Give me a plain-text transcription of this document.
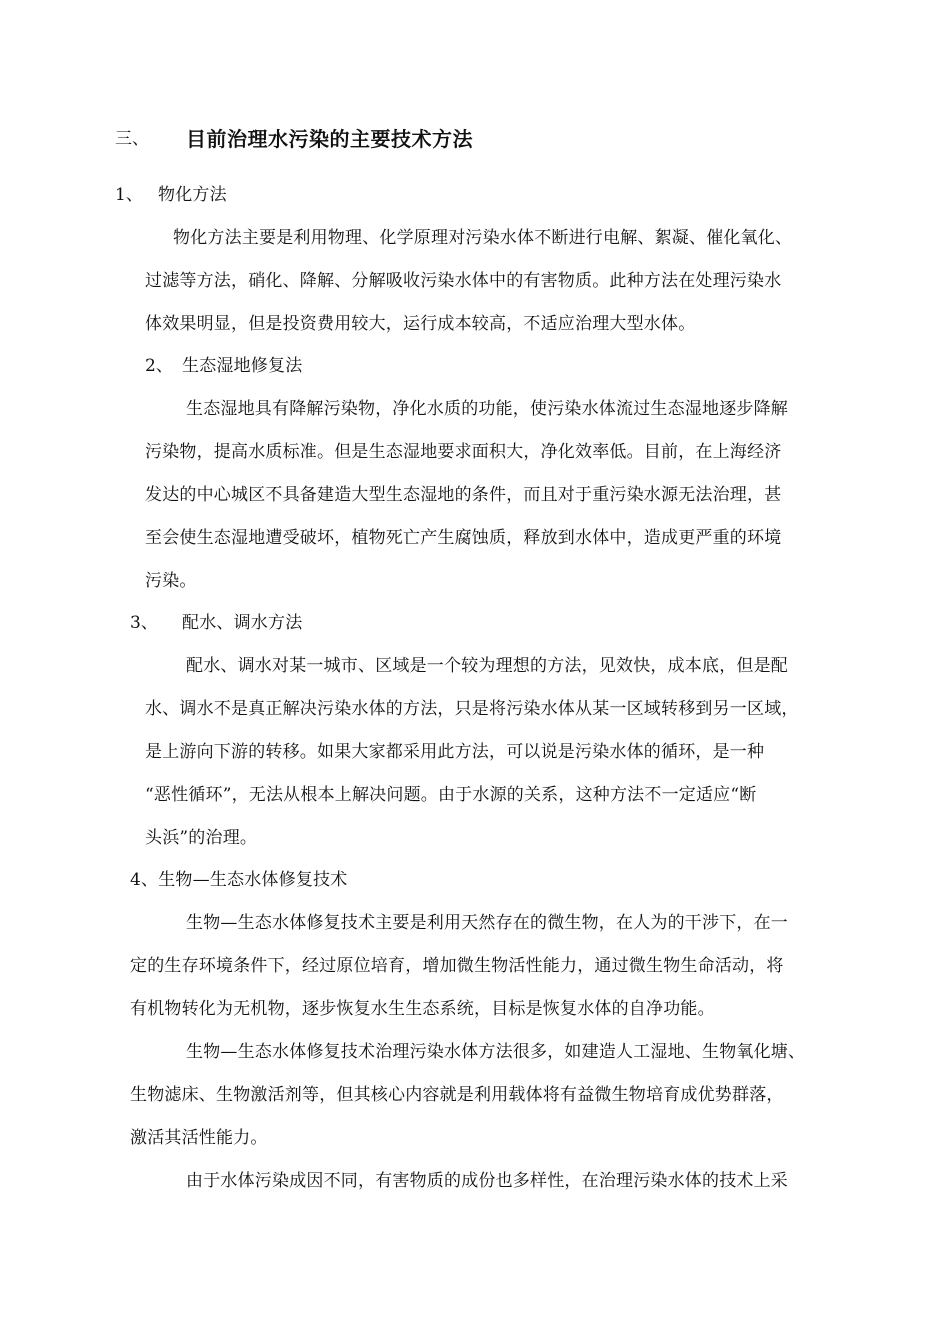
三、 目前治理水污染的主要技术方法
1、 物化方法
物化方法主要是利用物理、化学原理对污染水体不断进行电解、絮凝、催化氧化、
过滤等方法，硝化、降解、分解吸收污染水体中的有害物质。此种方法在处理污染水
体效果明显，但是投资费用较大，运行成本较高，不适应治理大型水体。
2、 生态湿地修复法
生态湿地具有降解污染物，净化水质的功能，使污染水体流过生态湿地逐步降解
污染物，提高水质标准。但是生态湿地要求面积大，净化效率低。目前，在上海经济
发达的中心城区不具备建造大型生态湿地的条件，而且对于重污染水源无法治理，甚
至会使生态湿地遭受破坏，植物死亡产生腐蚀质，释放到水体中，造成更严重的环境
污染。
3、 配水、调水方法
配水、调水对某一城市、区域是一个较为理想的方法，见效快，成本底，但是配
水、调水不是真正解决污染水体的方法，只是将污染水体从某一区域转移到另一区域，
是上游向下游的转移。如果大家都采用此方法，可以说是污染水体的循环，是一种
“恶性循环”，无法从根本上解决问题。由于水源的关系，这种方法不一定适应“断
头浜”的治理。
4、生物—生态水体修复技术
生物—生态水体修复技术主要是利用天然存在的微生物，在人为的干涉下，在一
定的生存环境条件下，经过原位培育，增加微生物活性能力，通过微生物生命活动，将
有机物转化为无机物，逐步恢复水生生态系统，目标是恢复水体的自净功能。
生物—生态水体修复技术治理污染水体方法很多，如建造人工湿地、生物氧化塘、
生物滤床、生物激活剂等，但其核心内容就是利用载体将有益微生物培育成优势群落，
激活其活性能力。
由于水体污染成因不同，有害物质的成份也多样性，在治理污染水体的技术上采
